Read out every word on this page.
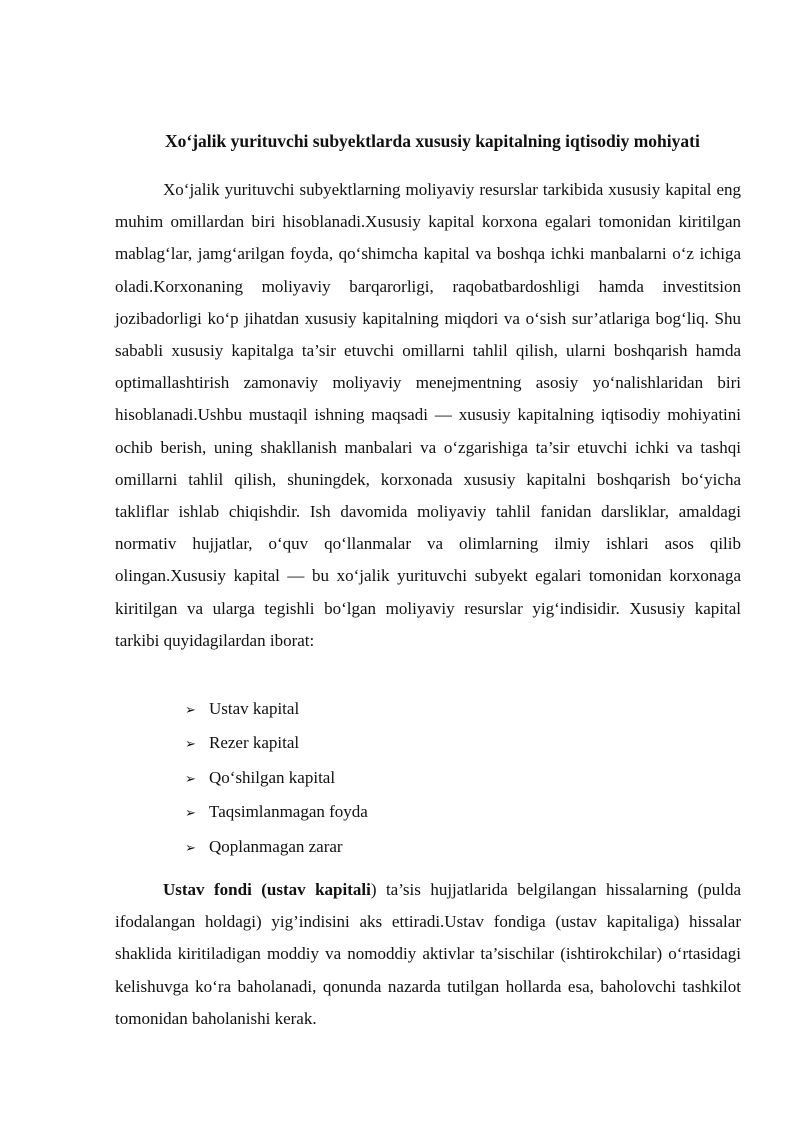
Xo‘jalik yurituvchi subyektlarda xususiy kapitalning iqtisodiy mohiyati

Xo‘jalik yurituvchi subyektlarning moliyaviy resurslar tarkibida xususiy kapital eng muhim omillardan biri hisoblanadi.Xususiy kapital korxona egalari tomonidan kiritilgan mablag‘lar, jamg‘arilgan foyda, qo‘shimcha kapital va boshqa ichki manbalarni o‘z ichiga oladi.Korxonaning moliyaviy barqarorligi, raqobatbardoshligi hamda investitsion jozibadorligi ko‘p jihatdan xususiy kapitalning miqdori va o‘sish sur’atlariga bog‘liq. Shu sababli xususiy kapitalga ta’sir etuvchi omillarni tahlil qilish, ularni boshqarish hamda optimallashtirish zamonaviy moliyaviy menejmentning asosiy yo‘nalishlaridan biri hisoblanadi.Ushbu mustaqil ishning maqsadi — xususiy kapitalning iqtisodiy mohiyatini ochib berish, uning shakllanish manbalari va o‘zgarishiga ta’sir etuvchi ichki va tashqi omillarni tahlil qilish, shuningdek, korxonada xususiy kapitalni boshqarish bo‘yicha takliflar ishlab chiqishdir. Ish davomida moliyaviy tahlil fanidan darsliklar, amaldagi normativ hujjatlar, o‘quv qo‘llanmalar va olimlarning ilmiy ishlari asos qilib olingan.Xususiy kapital — bu xo‘jalik yurituvchi subyekt egalari tomonidan korxonaga kiritilgan va ularga tegishli bo‘lgan moliyaviy resurslar yig‘indisidir. Xususiy kapital tarkibi quyidagilardan iborat:

➢ Ustav kapital
➢ Rezer kapital
➢ Qo‘shilgan kapital
➢ Taqsimlanmagan foyda
➢ Qoplanmagan zarar

Ustav fondi (ustav kapitali) ta’sis hujjatlarida belgilangan hissalarning (pulda ifodalangan holdagi) yig’indisini aks ettiradi.Ustav fondiga (ustav kapitaliga) hissalar shaklida kiritiladigan moddiy va nomoddiy aktivlar ta’sischilar (ishtirokchilar) o‘rtasidagi kelishuvga ko‘ra baholanadi, qonunda nazarda tutilgan hollarda esa, baholovchi tashkilot tomonidan baholanishi kerak.
